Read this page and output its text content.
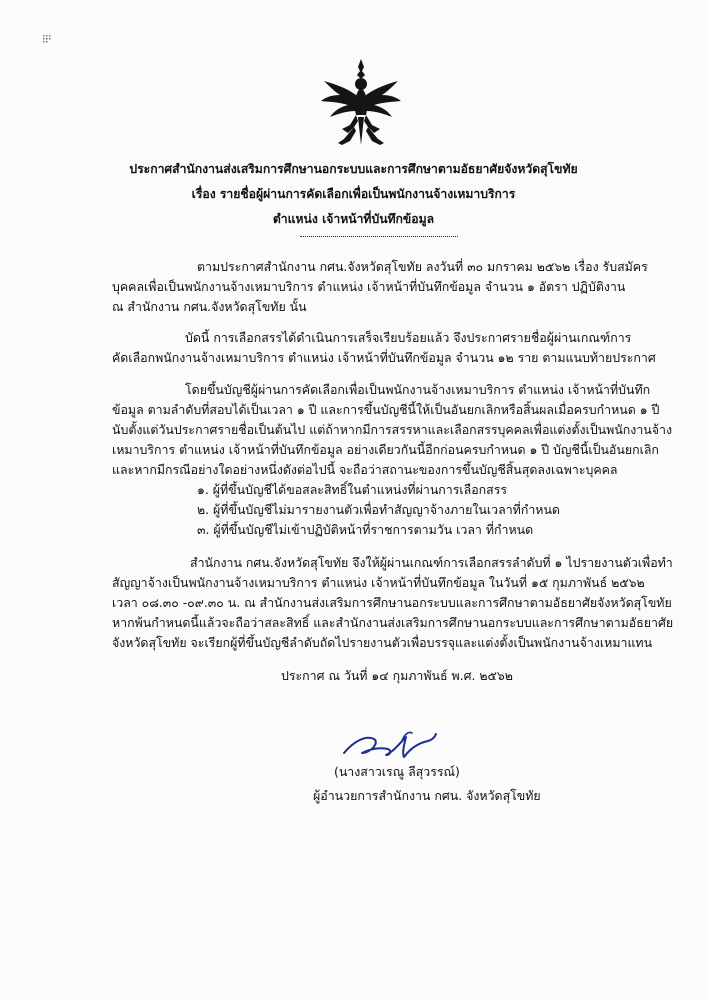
ประกาศสำนักงานส่งเสริมการศึกษานอกระบบและการศึกษาตามอัธยาศัยจังหวัดสุโขทัย
เรื่อง รายชื่อผู้ผ่านการคัดเลือกเพื่อเป็นพนักงานจ้างเหมาบริการ
ตำแหน่ง เจ้าหน้าที่บันทึกข้อมูล
ตามประกาศสำนักงาน กศน.จังหวัดสุโขทัย ลงวันที่ ๓๐ มกราคม ๒๕๖๒ เรื่อง รับสมัคร
บุคคลเพื่อเป็นพนักงานจ้างเหมาบริการ ตำแหน่ง เจ้าหน้าที่บันทึกข้อมูล จำนวน ๑ อัตรา ปฏิบัติงาน
ณ สำนักงาน กศน.จังหวัดสุโขทัย นั้น
บัดนี้ การเลือกสรรได้ดำเนินการเสร็จเรียบร้อยแล้ว จึงประกาศรายชื่อผู้ผ่านเกณฑ์การ
คัดเลือกพนักงานจ้างเหมาบริการ ตำแหน่ง เจ้าหน้าที่บันทึกข้อมูล จำนวน ๑๒ ราย ตามแนบท้ายประกาศ
โดยขึ้นบัญชีผู้ผ่านการคัดเลือกเพื่อเป็นพนักงานจ้างเหมาบริการ ตำแหน่ง เจ้าหน้าที่บันทึก
ข้อมูล ตามลำดับที่สอบได้เป็นเวลา ๑ ปี และการขึ้นบัญชีนี้ให้เป็นอันยกเลิกหรือสิ้นผลเมื่อครบกำหนด ๑ ปี
นับตั้งแต่วันประกาศรายชื่อเป็นต้นไป แต่ถ้าหากมีการสรรหาและเลือกสรรบุคคลเพื่อแต่งตั้งเป็นพนักงานจ้าง
เหมาบริการ ตำแหน่ง เจ้าหน้าที่บันทึกข้อมูล อย่างเดียวกันนี้อีกก่อนครบกำหนด ๑ ปี บัญชีนี้เป็นอันยกเลิก
และหากมีกรณีอย่างใดอย่างหนึ่งดังต่อไปนี้ จะถือว่าสถานะของการขึ้นบัญชีสิ้นสุดลงเฉพาะบุคคล
๑. ผู้ที่ขึ้นบัญชีได้ขอสละสิทธิ์ในตำแหน่งที่ผ่านการเลือกสรร
๒. ผู้ที่ขึ้นบัญชีไม่มารายงานตัวเพื่อทำสัญญาจ้างภายในเวลาที่กำหนด
๓. ผู้ที่ขึ้นบัญชีไม่เข้าปฏิบัติหน้าที่ราชการตามวัน เวลา ที่กำหนด
สำนักงาน กศน.จังหวัดสุโขทัย จึงให้ผู้ผ่านเกณฑ์การเลือกสรรลำดับที่ ๑ ไปรายงานตัวเพื่อทำ
สัญญาจ้างเป็นพนักงานจ้างเหมาบริการ ตำแหน่ง เจ้าหน้าที่บันทึกข้อมูล ในวันที่ ๑๕ กุมภาพันธ์ ๒๕๖๒
เวลา ๐๘.๓๐ -๐๙.๓๐ น. ณ สำนักงานส่งเสริมการศึกษานอกระบบและการศึกษาตามอัธยาศัยจังหวัดสุโขทัย
หากพ้นกำหนดนี้แล้วจะถือว่าสละสิทธิ์ และสำนักงานส่งเสริมการศึกษานอกระบบและการศึกษาตามอัธยาศัย
จังหวัดสุโขทัย จะเรียกผู้ที่ขึ้นบัญชีลำดับถัดไปรายงานตัวเพื่อบรรจุและแต่งตั้งเป็นพนักงานจ้างเหมาแทน
ประกาศ ณ วันที่ ๑๔ กุมภาพันธ์ พ.ศ. ๒๕๖๒
(นางสาวเรณู ลีสุวรรณ์)
ผู้อำนวยการสำนักงาน กศน. จังหวัดสุโขทัย
